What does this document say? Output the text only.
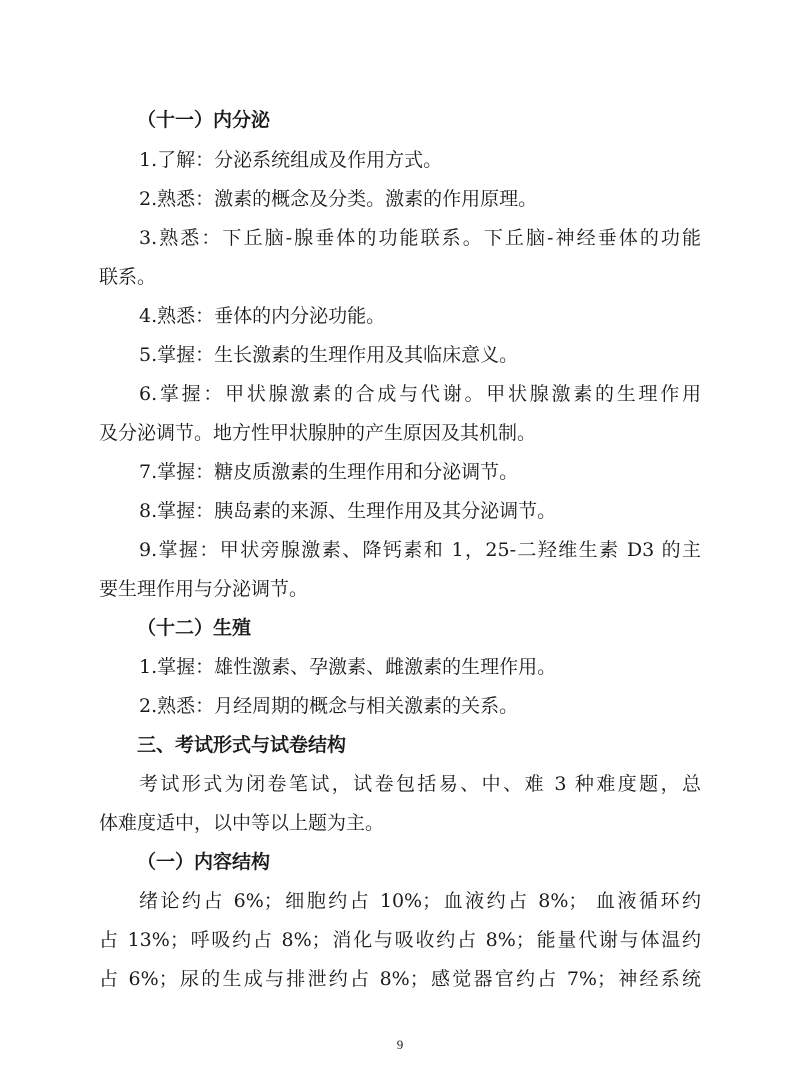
（十一）内分泌
1.了解：分泌系统组成及作用方式。
2.熟悉：激素的概念及分类。激素的作用原理。
3.熟悉：下丘脑-腺垂体的功能联系。下丘脑-神经垂体的功能
联系。
4.熟悉：垂体的内分泌功能。
5.掌握：生长激素的生理作用及其临床意义。
6.掌握：甲状腺激素的合成与代谢。甲状腺激素的生理作用
及分泌调节。地方性甲状腺肿的产生原因及其机制。
7.掌握：糖皮质激素的生理作用和分泌调节。
8.掌握：胰岛素的来源、生理作用及其分泌调节。
9.掌握：甲状旁腺激素、降钙素和 1，25-二羟维生素 D3 的主
要生理作用与分泌调节。
（十二）生殖
1.掌握：雄性激素、孕激素、雌激素的生理作用。
2.熟悉：月经周期的概念与相关激素的关系。
三、考试形式与试卷结构
考试形式为闭卷笔试，试卷包括易、中、难 3 种难度题，总
体难度适中，以中等以上题为主。
（一）内容结构
绪论约占 6%；细胞约占 10%；血液约占 8%； 血液循环约
占 13%；呼吸约占 8%；消化与吸收约占 8%；能量代谢与体温约
占 6%；尿的生成与排泄约占 8%；感觉器官约占 7%；神经系统
9
